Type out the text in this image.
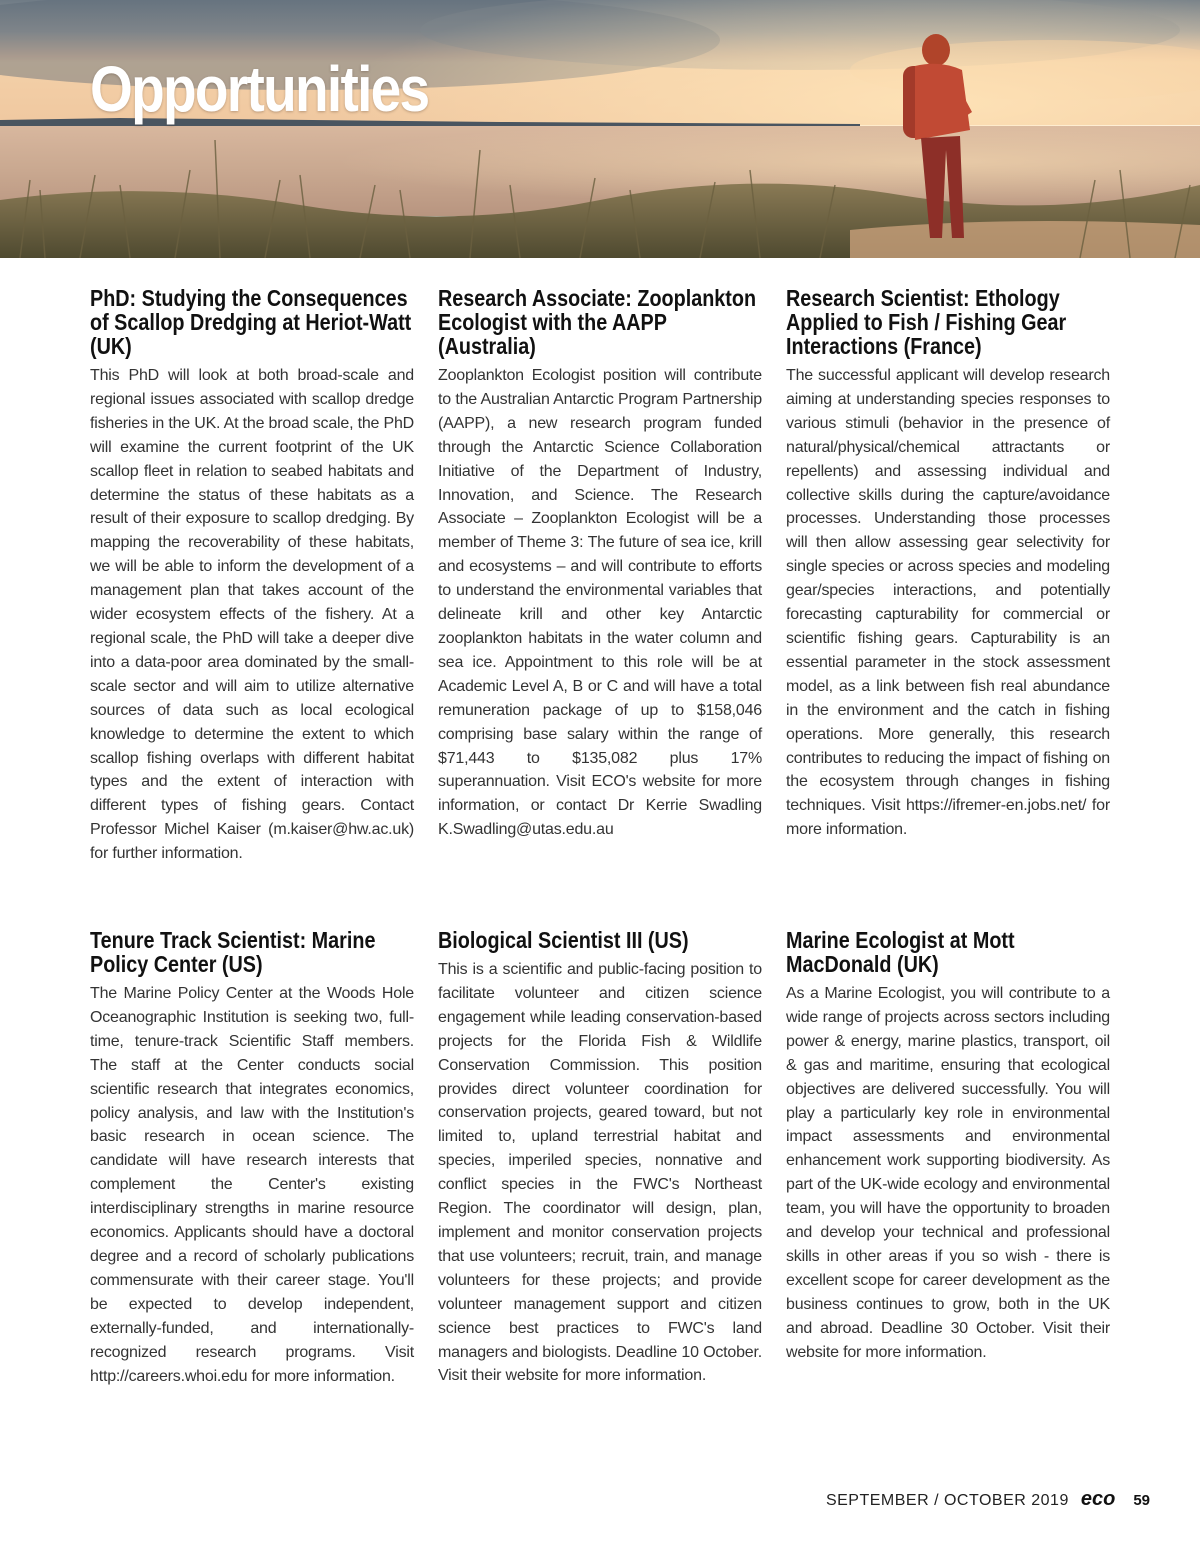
Opportunities
PhD: Studying the Consequences of Scallop Dredging at Heriot-Watt (UK)

This PhD will look at both broad-scale and regional issues associated with scallop dredge fisheries in the UK. At the broad scale, the PhD will examine the current footprint of the UK scallop fleet in relation to seabed habitats and determine the status of these habitats as a result of their exposure to scallop dredging. By mapping the recoverability of these habitats, we will be able to inform the development of a management plan that takes account of the wider ecosystem effects of the fishery. At a regional scale, the PhD will take a deeper dive into a data-poor area dominated by the small-scale sector and will aim to utilize alternative sources of data such as local ecological knowledge to determine the extent to which scallop fishing overlaps with different habitat types and the extent of interaction with different types of fishing gears. Contact Professor Michel Kaiser (m.kaiser@hw.ac.uk) for further information.

Research Associate: Zooplankton Ecologist with the AAPP (Australia)

Zooplankton Ecologist position will contribute to the Australian Antarctic Program Partnership (AAPP), a new research program funded through the Antarctic Science Collaboration Initiative of the Department of Industry, Innovation, and Science. The Research Associate – Zooplankton Ecologist will be a member of Theme 3: The future of sea ice, krill and ecosystems – and will contribute to efforts to understand the environmental variables that delineate krill and other key Antarctic zooplankton habitats in the water column and sea ice. Appointment to this role will be at Academic Level A, B or C and will have a total remuneration package of up to $158,046 comprising base salary within the range of $71,443 to $135,082 plus 17% superannuation. Visit ECO's website for more information, or contact Dr Kerrie Swadling K.Swadling@utas.edu.au

Research Scientist: Ethology Applied to Fish / Fishing Gear Interactions (France)

The successful applicant will develop research aiming at understanding species responses to various stimuli (behavior in the presence of natural/physical/chemical attractants or repellents) and assessing individual and collective skills during the capture/avoidance processes. Understanding those processes will then allow assessing gear selectivity for single species or across species and modeling gear/species interactions, and potentially forecasting capturability for commercial or scientific fishing gears. Capturability is an essential parameter in the stock assessment model, as a link between fish real abundance in the environment and the catch in fishing operations. More generally, this research contributes to reducing the impact of fishing on the ecosystem through changes in fishing techniques. Visit https://ifremer-en.jobs.net/ for more information.

Tenure Track Scientist: Marine Policy Center (US)

The Marine Policy Center at the Woods Hole Oceanographic Institution is seeking two, full-time, tenure-track Scientific Staff members. The staff at the Center conducts social scientific research that integrates economics, policy analysis, and law with the Institution's basic research in ocean science. The candidate will have research interests that complement the Center's existing interdisciplinary strengths in marine resource economics. Applicants should have a doctoral degree and a record of scholarly publications commensurate with their career stage. You'll be expected to develop independent, externally-funded, and internationally-recognized research programs. Visit http://careers.whoi.edu for more information.

Biological Scientist III (US)

This is a scientific and public-facing position to facilitate volunteer and citizen science engagement while leading conservation-based projects for the Florida Fish & Wildlife Conservation Commission. This position provides direct volunteer coordination for conservation projects, geared toward, but not limited to, upland terrestrial habitat and species, imperiled species, nonnative and conflict species in the FWC's Northeast Region. The coordinator will design, plan, implement and monitor conservation projects that use volunteers; recruit, train, and manage volunteers for these projects; and provide volunteer management support and citizen science best practices to FWC's land managers and biologists. Deadline 10 October. Visit their website for more information.

Marine Ecologist at Mott MacDonald (UK)

As a Marine Ecologist, you will contribute to a wide range of projects across sectors including power & energy, marine plastics, transport, oil & gas and maritime, ensuring that ecological objectives are delivered successfully. You will play a particularly key role in environmental impact assessments and environmental enhancement work supporting biodiversity. As part of the UK-wide ecology and environmental team, you will have the opportunity to broaden and develop your technical and professional skills in other areas if you so wish - there is excellent scope for career development as the business continues to grow, both in the UK and abroad. Deadline 30 October. Visit their website for more information.

SEPTEMBER / OCTOBER 2019 eco 59
